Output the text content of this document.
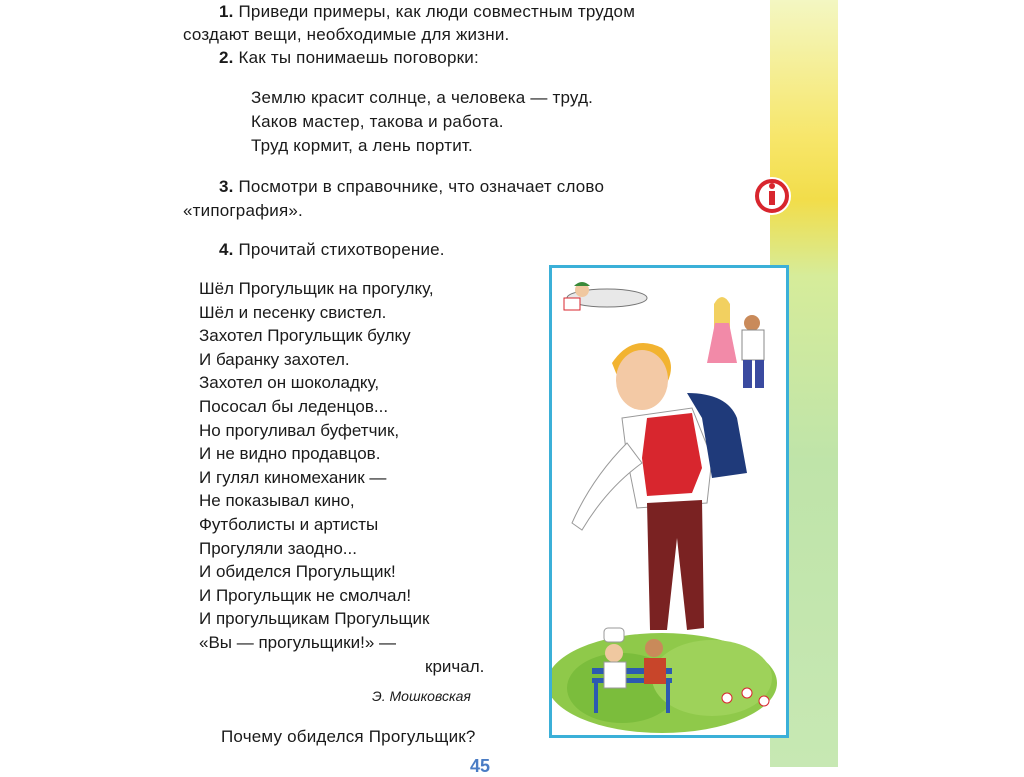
1. Приведи примеры, как люди совместным трудом
создают вещи, необходимые для жизни.
2. Как ты понимаешь поговорки:
Землю красит солнце, а человека — труд.
Каков мастер, такова и работа.
Труд кормит, а лень портит.
3. Посмотри в справочнике, что означает слово
«типография».
4. Прочитай стихотворение.
Шёл Прогульщик на прогулку,
Шёл и песенку свистел.
Захотел Прогульщик булку
И баранку захотел.
Захотел он шоколадку,
Пососал бы леденцов...
Но прогуливал буфетчик,
И не видно продавцов.
И гулял киномеханик —
Не показывал кино,
Футболисты и артисты
Прогуляли заодно...
И обиделся Прогульщик!
И Прогульщик не смолчал!
И прогульщикам Прогульщик
«Вы — прогульщики!» —
кричал.
Э. Мошковская
Почему обиделся Прогульщик?
45
